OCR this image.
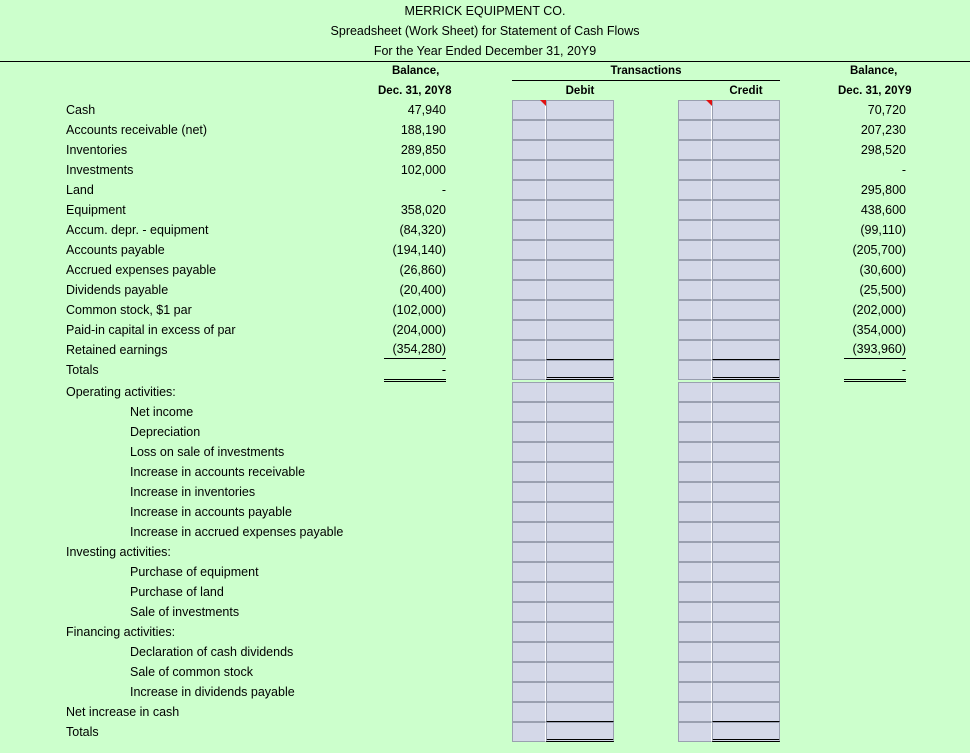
MERRICK EQUIPMENT CO.
Spreadsheet (Work Sheet) for Statement of Cash Flows
For the Year Ended December 31, 20Y9
Balance,
Dec. 31, 20Y8
Transactions
Debit	Credit
Balance,
Dec. 31, 20Y9
Cash	47,940	70,720
Accounts receivable (net)	188,190	207,230
Inventories	289,850	298,520
Investments	102,000	-
Land	-	295,800
Equipment	358,020	438,600
Accum. depr. - equipment	(84,320)	(99,110)
Accounts payable	(194,140)	(205,700)
Accrued expenses payable	(26,860)	(30,600)
Dividends payable	(20,400)	(25,500)
Common stock, $1 par	(102,000)	(202,000)
Paid-in capital in excess of par	(204,000)	(354,000)
Retained earnings	(354,280)	(393,960)
Totals	-	-
Operating activities:
Net income
Depreciation
Loss on sale of investments
Increase in accounts receivable
Increase in inventories
Increase in accounts payable
Increase in accrued expenses payable
Investing activities:
Purchase of equipment
Purchase of land
Sale of investments
Financing activities:
Declaration of cash dividends
Sale of common stock
Increase in dividends payable
Net increase in cash
Totals
